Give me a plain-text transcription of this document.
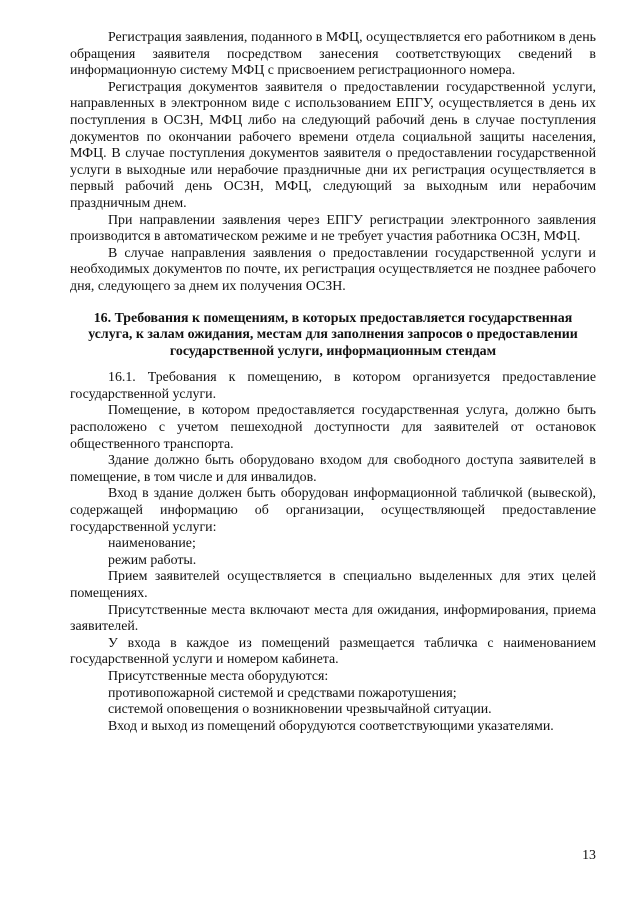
Регистрация заявления, поданного в МФЦ, осуществляется его работником в день обращения заявителя посредством занесения соответствующих сведений в информационную систему МФЦ с присвоением регистрационного номера.

Регистрация документов заявителя о предоставлении государственной услуги, направленных в электронном виде с использованием ЕПГУ, осуществляется в день их поступления в ОСЗН, МФЦ либо на следующий рабочий день в случае поступления документов по окончании рабочего времени отдела социальной защиты населения, МФЦ. В случае поступления документов заявителя о предоставлении государственной услуги в выходные или нерабочие праздничные дни их регистрация осуществляется в первый рабочий день ОСЗН, МФЦ, следующий за выходным или нерабочим праздничным днем.

При направлении заявления через ЕПГУ регистрации электронного заявления производится в автоматическом режиме и не требует участия работника ОСЗН, МФЦ.

В случае направления заявления о предоставлении государственной услуги и необходимых документов по почте, их регистрация осуществляется не позднее рабочего дня, следующего за днем их получения ОСЗН.

16. Требования к помещениям, в которых предоставляется государственная услуга, к залам ожидания, местам для заполнения запросов о предоставлении государственной услуги, информационным стендам

16.1. Требования к помещению, в котором организуется предоставление государственной услуги.

Помещение, в котором предоставляется государственная услуга, должно быть расположено с учетом пешеходной доступности для заявителей от остановок общественного транспорта.

Здание должно быть оборудовано входом для свободного доступа заявителей в помещение, в том числе и для инвалидов.

Вход в здание должен быть оборудован информационной табличкой (вывеской), содержащей информацию об организации, осуществляющей предоставление государственной услуги:

наименование;

режим работы.

Прием заявителей осуществляется в специально выделенных для этих целей помещениях.

Присутственные места включают места для ожидания, информирования, приема заявителей.

У входа в каждое из помещений размещается табличка с наименованием государственной услуги и номером кабинета.

Присутственные места оборудуются:

противопожарной системой и средствами пожаротушения;

системой оповещения о возникновении чрезвычайной ситуации.

Вход и выход из помещений оборудуются соответствующими указателями.

13
